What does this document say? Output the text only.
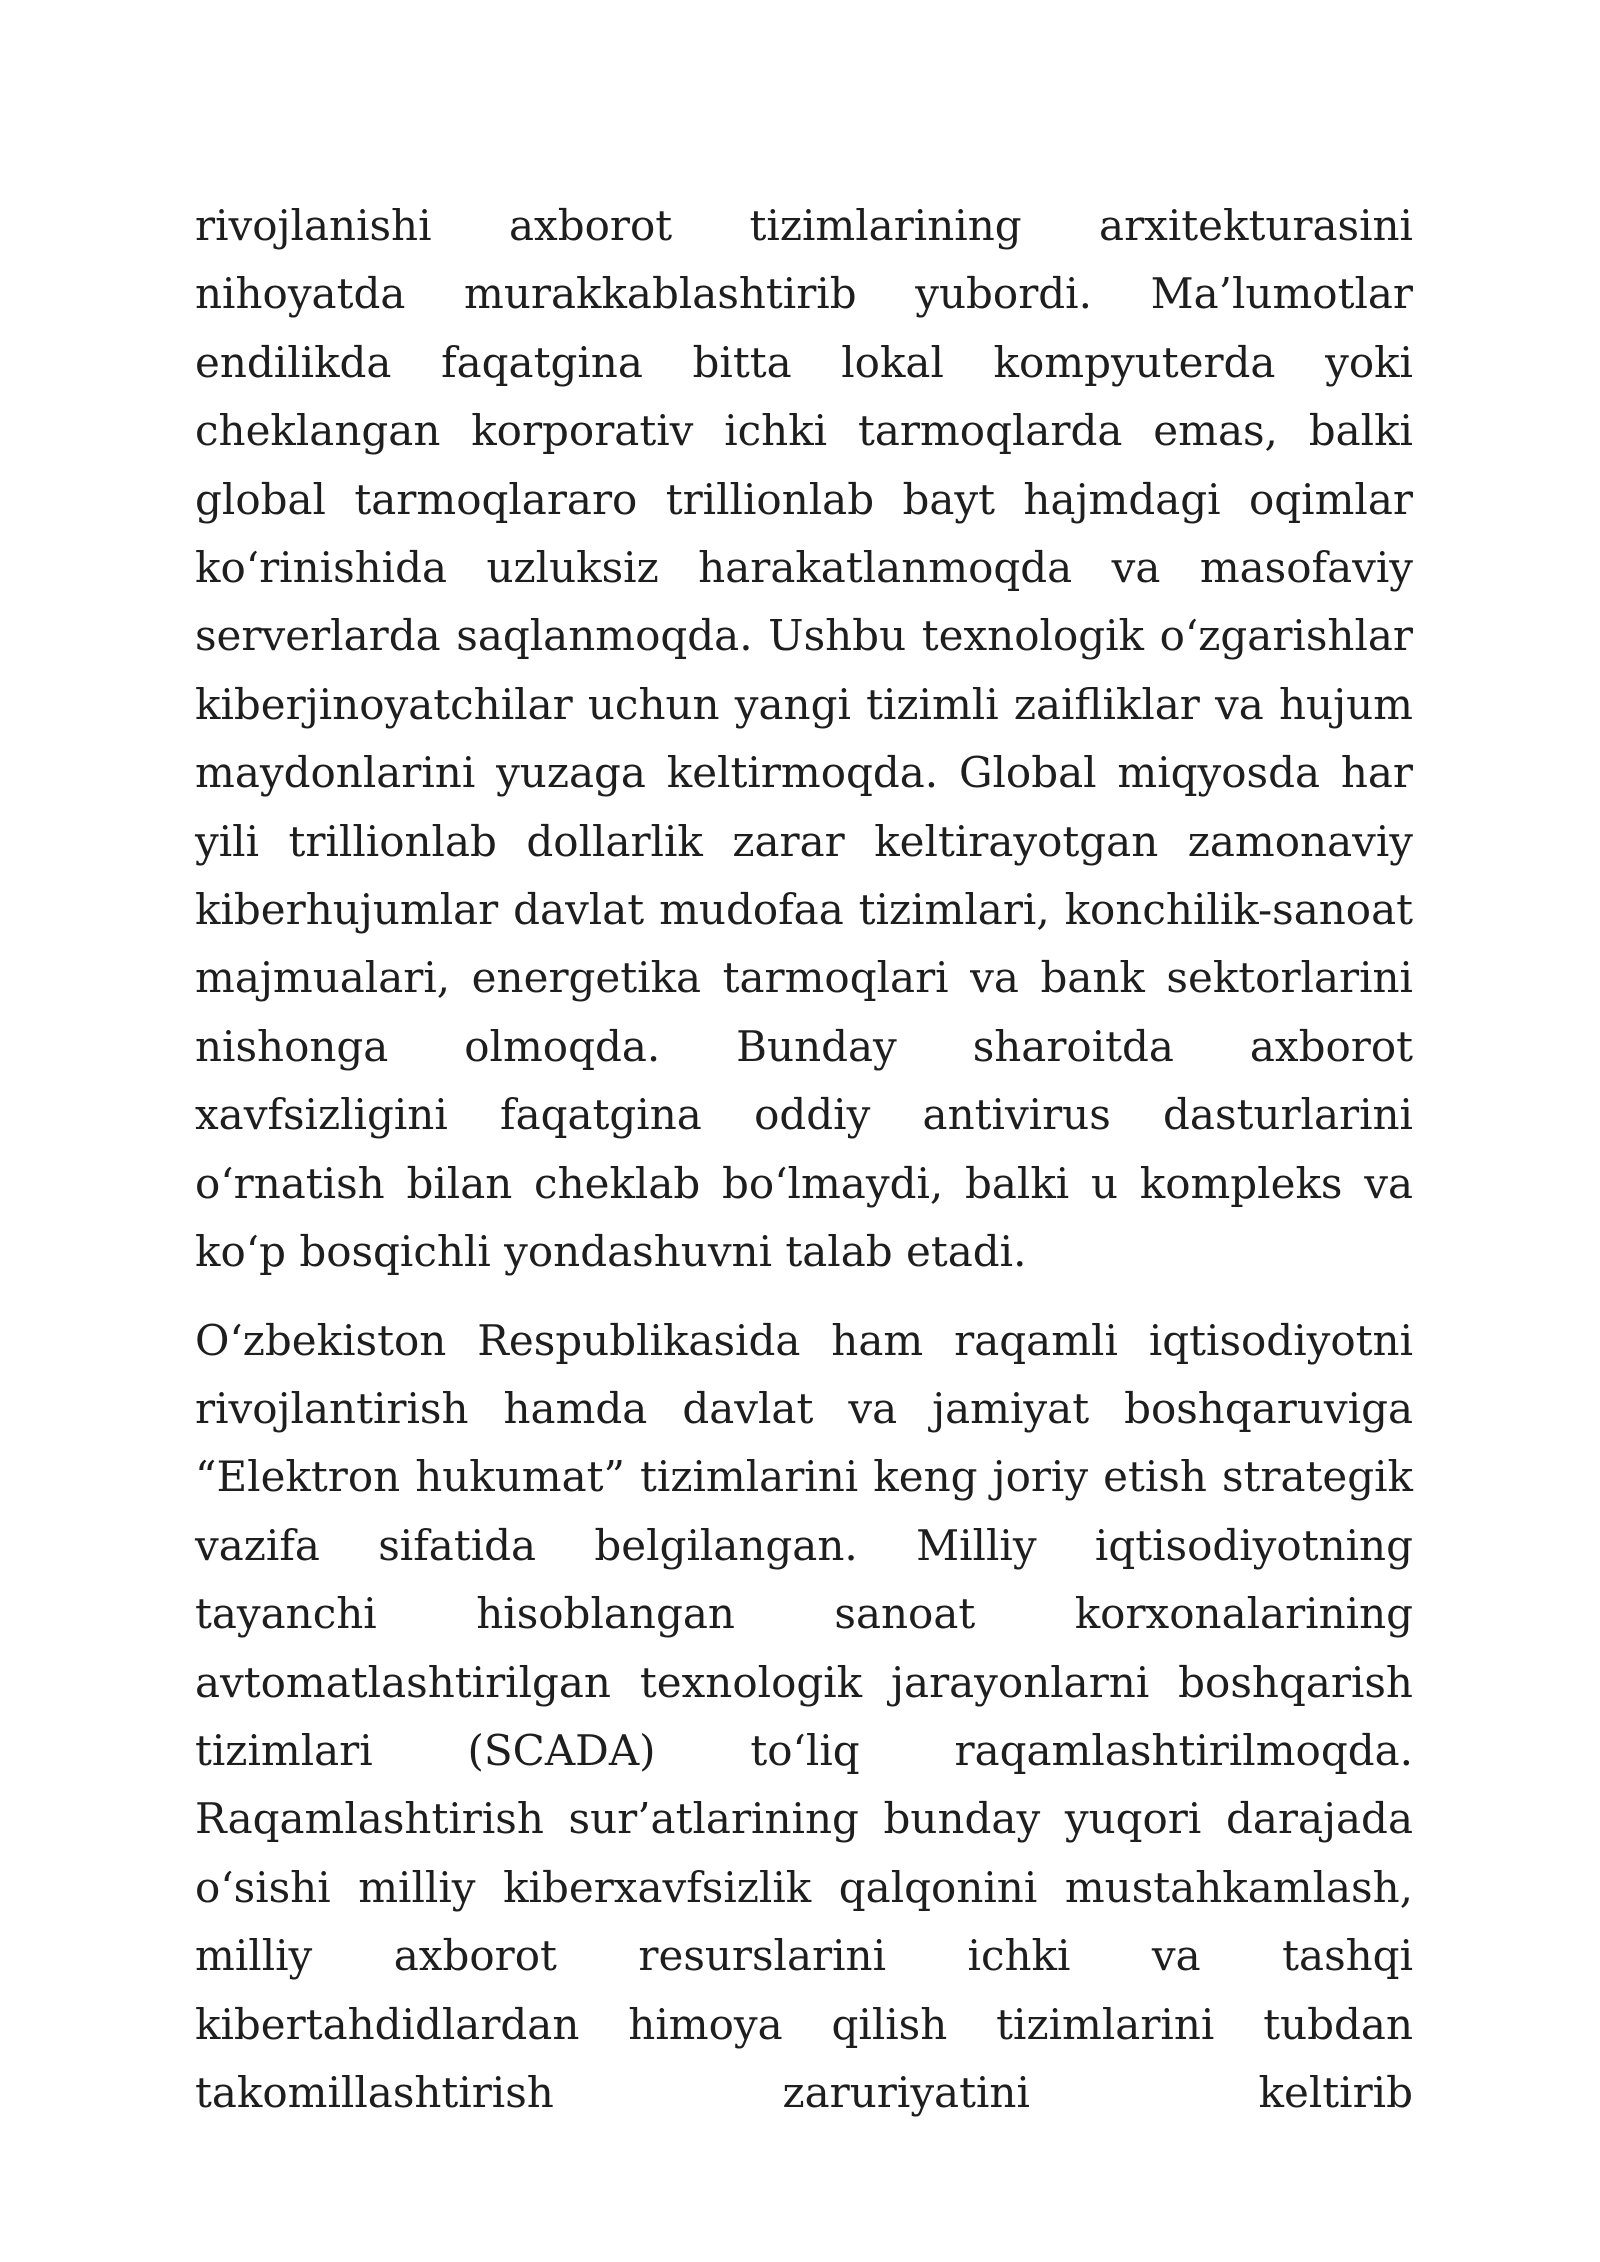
rivojlanishi axborot tizimlarining arxitekturasini nihoyatda murakkablashtirib yubordi. Ma’lumotlar endilikda faqatgina bitta lokal kompyuterda yoki cheklangan korporativ ichki tarmoqlarda emas, balki global tarmoqlararo trillionlab bayt hajmdagi oqimlar ko‘rinishida uzluksiz harakatlanmoqda va masofaviy serverlarda saqlanmoqda. Ushbu texnologik o‘zgarishlar kiberjinoyatchilar uchun yangi tizimli zaifliklar va hujum maydonlarini yuzaga keltirmoqda. Global miqyosda har yili trillionlab dollarlik zarar keltirayotgan zamonaviy kiberhujumlar davlat mudofaa tizimlari, konchilik-sanoat majmualari, energetika tarmoqlari va bank sektorlarini nishonga olmoqda. Bunday sharoitda axborot xavfsizligini faqatgina oddiy antivirus dasturlarini o‘rnatish bilan cheklab bo‘lmaydi, balki u kompleks va ko‘p bosqichli yondashuvni talab etadi.

O‘zbekiston Respublikasida ham raqamli iqtisodiyotni rivojlantirish hamda davlat va jamiyat boshqaruviga “Elektron hukumat” tizimlarini keng joriy etish strategik vazifa sifatida belgilangan. Milliy iqtisodiyotning tayanchi hisoblangan sanoat korxonalarining avtomatlashtirilgan texnologik jarayonlarni boshqarish tizimlari (SCADA) to‘liq raqamlashtirilmoqda. Raqamlashtirish sur’atlarining bunday yuqori darajada o‘sishi milliy kiberxavfsizlik qalqonini mustahkamlash, milliy axborot resurslarini ichki va tashqi kibertahdidlardan himoya qilish tizimlarini tubdan takomillashtirish zaruriyatini keltirib
